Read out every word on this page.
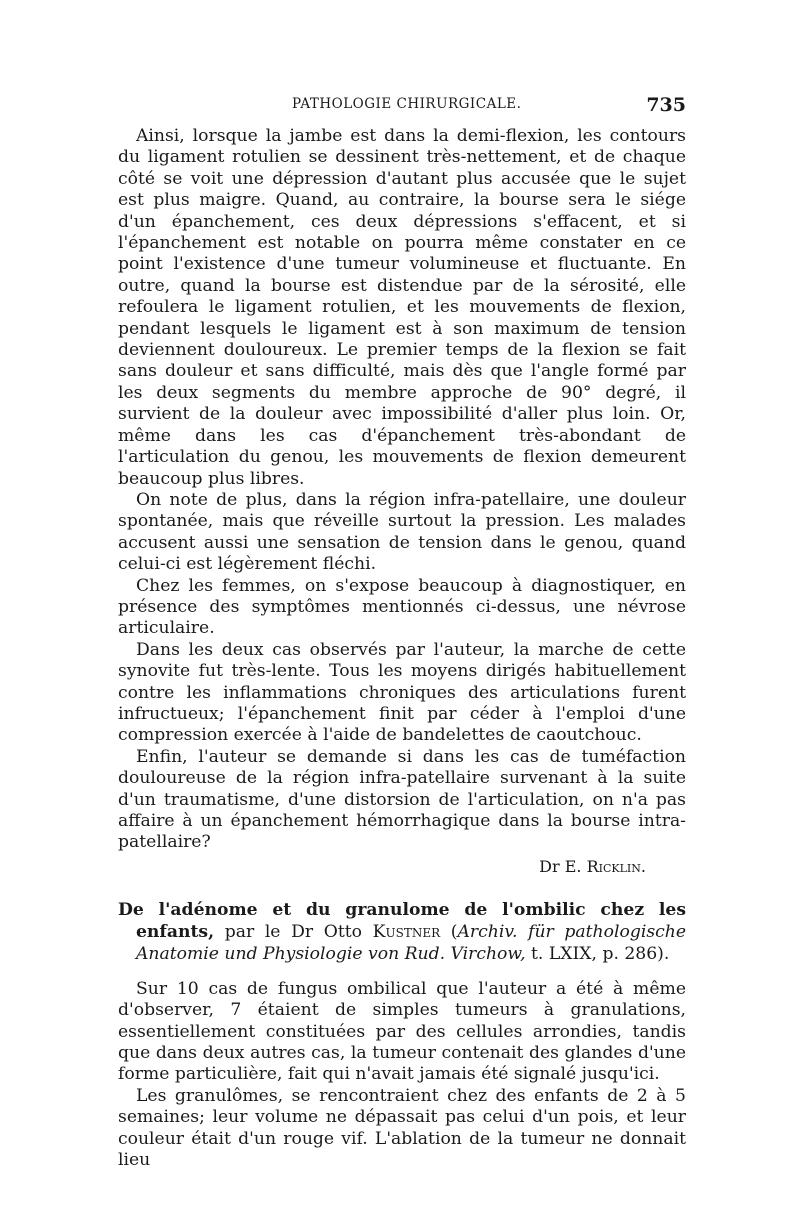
PATHOLOGIE CHIRURGICALE.	735

Ainsi, lorsque la jambe est dans la demi-flexion, les contours du ligament rotulien se dessinent très-nettement, et de chaque côté se voit une dépression d'autant plus accusée que le sujet est plus maigre. Quand, au contraire, la bourse sera le siége d'un épanchement, ces deux dépressions s'effacent, et si l'épanchement est notable on pourra même constater en ce point l'existence d'une tumeur volumineuse et fluctuante. En outre, quand la bourse est distendue par de la sérosité, elle refoulera le ligament rotulien, et les mouvements de flexion, pendant lesquels le ligament est à son maximum de tension deviennent douloureux. Le premier temps de la flexion se fait sans douleur et sans difficulté, mais dès que l'angle formé par les deux segments du membre approche de 90° degré, il survient de la douleur avec impossibilité d'aller plus loin. Or, même dans les cas d'épanchement très-abondant de l'articulation du genou, les mouvements de flexion demeurent beaucoup plus libres.

On note de plus, dans la région infra-patellaire, une douleur spontanée, mais que réveille surtout la pression. Les malades accusent aussi une sensation de tension dans le genou, quand celui-ci est légèrement fléchi.

Chez les femmes, on s'expose beaucoup à diagnostiquer, en présence des symptômes mentionnés ci-dessus, une névrose articulaire.

Dans les deux cas observés par l'auteur, la marche de cette synovite fut très-lente. Tous les moyens dirigés habituellement contre les inflammations chroniques des articulations furent infructueux; l'épanchement finit par céder à l'emploi d'une compression exercée à l'aide de bandelettes de caoutchouc.

Enfin, l'auteur se demande si dans les cas de tuméfaction douloureuse de la région infra-patellaire survenant à la suite d'un traumatisme, d'une distorsion de l'articulation, on n'a pas affaire à un épanchement hémorrhagique dans la bourse intra-patellaire?

Dr E. Ricklin.

De l'adénome et du granulome de l'ombilic chez les enfants, par le Dr Otto Kustner (Archiv. für pathologische Anatomie und Physiologie von Rud. Virchow, t. LXIX, p. 286).

Sur 10 cas de fungus ombilical que l'auteur a été à même d'observer, 7 étaient de simples tumeurs à granulations, essentiellement constituées par des cellules arrondies, tandis que dans deux autres cas, la tumeur contenait des glandes d'une forme particulière, fait qui n'avait jamais été signalé jusqu'ici.

Les granulômes, se rencontraient chez des enfants de 2 à 5 semaines; leur volume ne dépassait pas celui d'un pois, et leur couleur était d'un rouge vif. L'ablation de la tumeur ne donnait lieu
